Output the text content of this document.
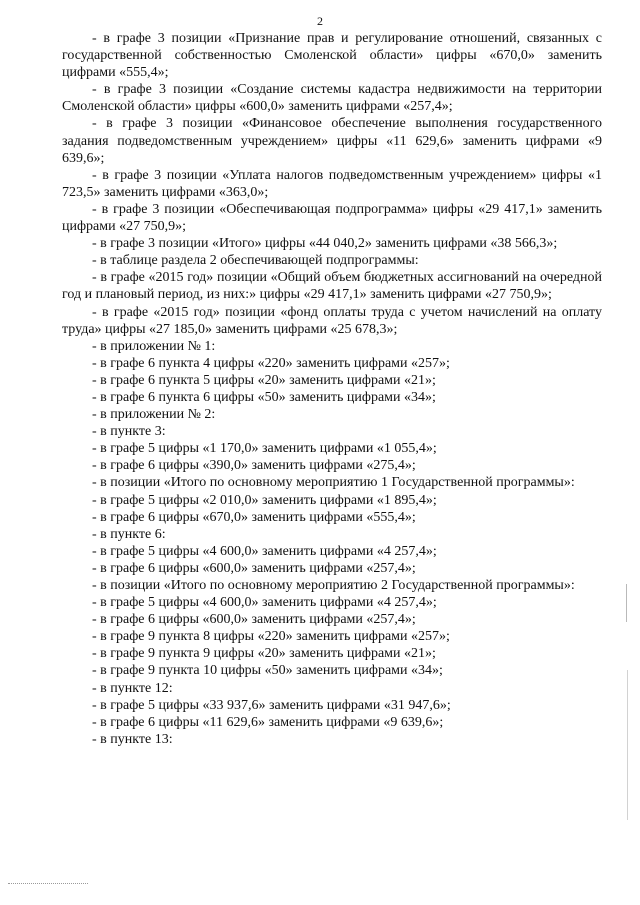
2

- в графе 3 позиции «Признание прав и регулирование отношений, связанных с государственной собственностью Смоленской области» цифры «670,0» заменить цифрами «555,4»;

- в графе 3 позиции «Создание системы кадастра недвижимости на территории Смоленской области» цифры «600,0» заменить цифрами «257,4»;

- в графе 3 позиции «Финансовое обеспечение выполнения государственного задания подведомственным учреждением» цифры «11 629,6» заменить цифрами «9 639,6»;

- в графе 3 позиции «Уплата налогов подведомственным учреждением» цифры «1 723,5» заменить цифрами «363,0»;

- в графе 3 позиции «Обеспечивающая подпрограмма» цифры «29 417,1» заменить цифрами «27 750,9»;

- в графе 3 позиции «Итого» цифры «44 040,2» заменить цифрами «38 566,3»;

- в таблице раздела 2 обеспечивающей подпрограммы:

- в графе «2015 год» позиции «Общий объем бюджетных ассигнований на очередной год и плановый период, из них:» цифры «29 417,1» заменить цифрами «27 750,9»;

- в графе «2015 год» позиции «фонд оплаты труда с учетом начислений на оплату труда» цифры «27 185,0» заменить цифрами «25 678,3»;

- в приложении № 1:

- в графе 6 пункта 4 цифры «220» заменить цифрами «257»;

- в графе 6 пункта 5 цифры «20» заменить цифрами «21»;

- в графе 6 пункта 6 цифры «50» заменить цифрами «34»;

- в приложении № 2:

- в пункте 3:

- в графе 5 цифры «1 170,0» заменить цифрами «1 055,4»;

- в графе 6 цифры «390,0» заменить цифрами «275,4»;

- в позиции «Итого по основному мероприятию 1 Государственной программы»:

- в графе 5 цифры «2 010,0» заменить цифрами «1 895,4»;

- в графе 6 цифры «670,0» заменить цифрами «555,4»;

- в пункте 6:

- в графе 5 цифры «4 600,0» заменить цифрами «4 257,4»;

- в графе 6 цифры «600,0» заменить цифрами «257,4»;

- в позиции «Итого по основному мероприятию 2 Государственной программы»:

- в графе 5 цифры «4 600,0» заменить цифрами «4 257,4»;

- в графе 6 цифры «600,0» заменить цифрами «257,4»;

- в графе 9 пункта 8 цифры «220» заменить цифрами «257»;

- в графе 9 пункта 9 цифры «20» заменить цифрами «21»;

- в графе 9 пункта 10 цифры «50» заменить цифрами «34»;

- в пункте 12:

- в графе 5 цифры «33 937,6» заменить цифрами «31 947,6»;

- в графе 6 цифры «11 629,6» заменить цифрами «9 639,6»;

- в пункте 13:
